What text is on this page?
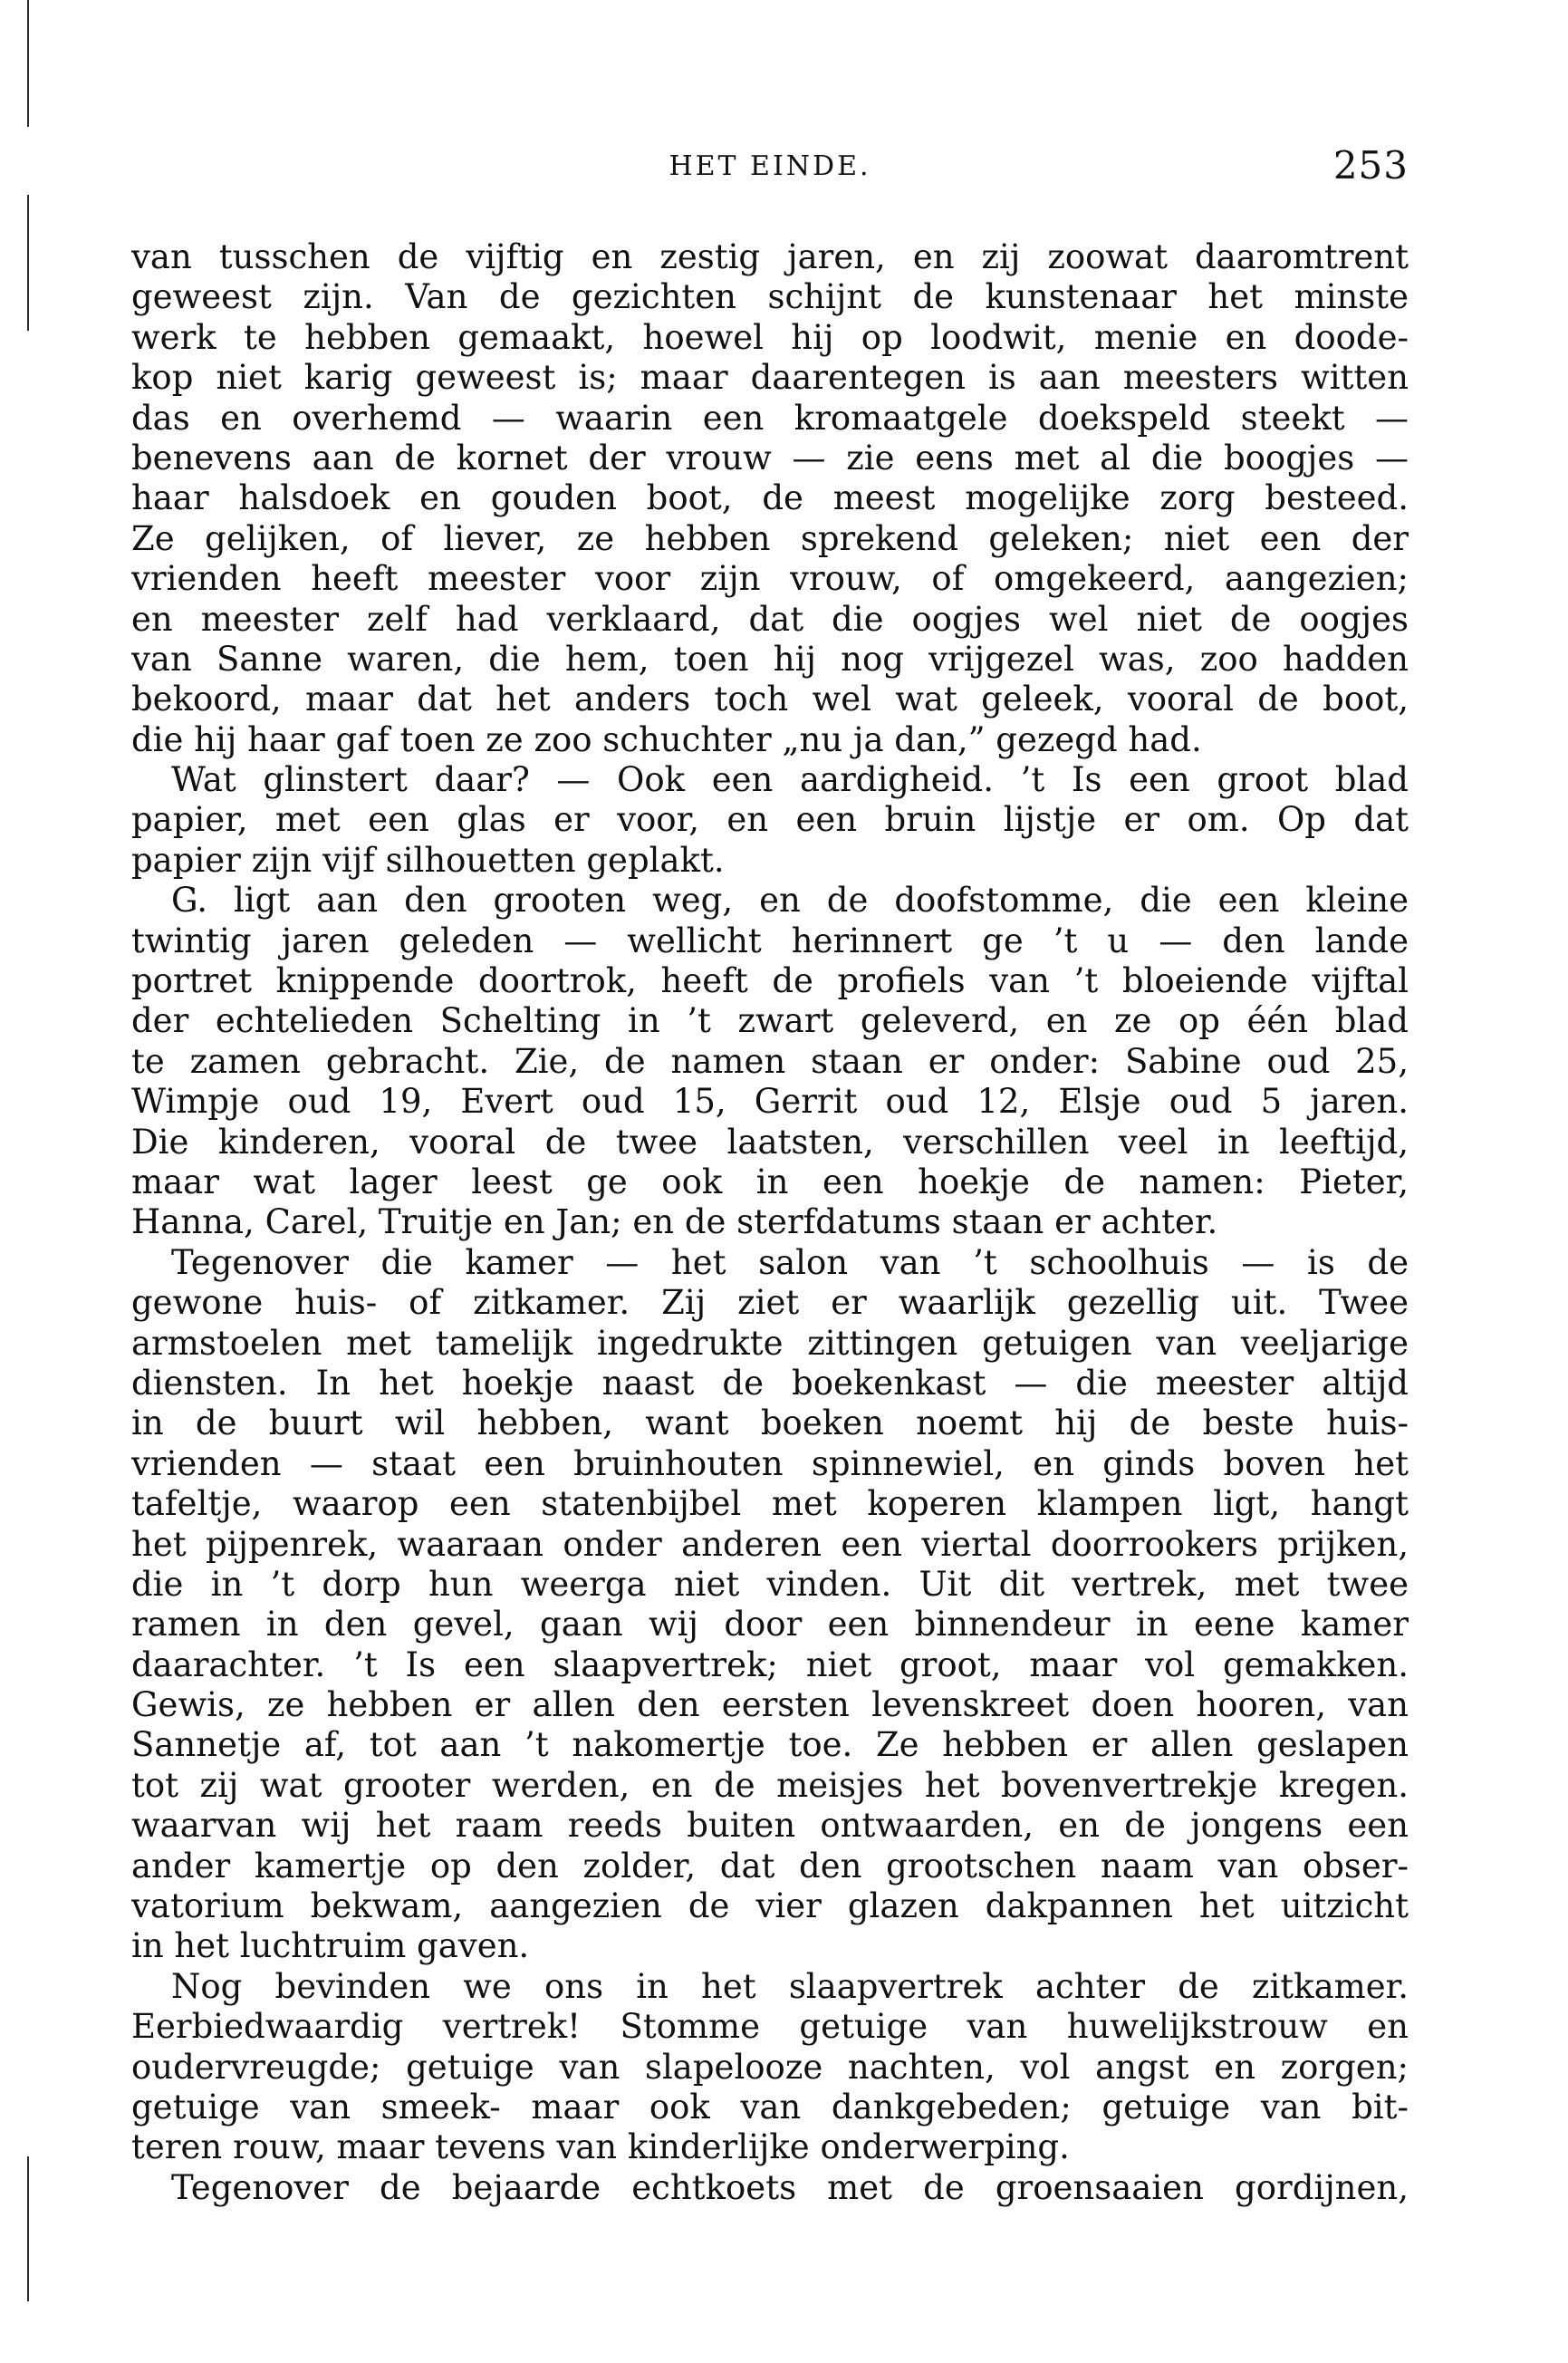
HET EINDE.	253
van tusschen de vijftig en zestig jaren, en zij zoowat daaromtrent
geweest zijn. Van de gezichten schijnt de kunstenaar het minste
werk te hebben gemaakt, hoewel hij op loodwit, menie en doode-
kop niet karig geweest is; maar daarentegen is aan meesters witten
das en overhemd — waarin een kromaatgele doekspeld steekt —
benevens aan de kornet der vrouw — zie eens met al die boogjes —
haar halsdoek en gouden boot, de meest mogelijke zorg besteed.
Ze gelijken, of liever, ze hebben sprekend geleken; niet een der
vrienden heeft meester voor zijn vrouw, of omgekeerd, aangezien;
en meester zelf had verklaard, dat die oogjes wel niet de oogjes
van Sanne waren, die hem, toen hij nog vrijgezel was, zoo hadden
bekoord, maar dat het anders toch wel wat geleek, vooral de boot,
die hij haar gaf toen ze zoo schuchter „nu ja dan,” gezegd had.
Wat glinstert daar? — Ook een aardigheid. ’t Is een groot blad
papier, met een glas er voor, en een bruin lijstje er om. Op dat
papier zijn vijf silhouetten geplakt.
G. ligt aan den grooten weg, en de doofstomme, die een kleine
twintig jaren geleden — wellicht herinnert ge ’t u — den lande
portret knippende doortrok, heeft de profiels van ’t bloeiende vijftal
der echtelieden Schelting in ’t zwart geleverd, en ze op één blad
te zamen gebracht. Zie, de namen staan er onder: Sabine oud 25,
Wimpje oud 19, Evert oud 15, Gerrit oud 12, Elsje oud 5 jaren.
Die kinderen, vooral de twee laatsten, verschillen veel in leeftijd,
maar wat lager leest ge ook in een hoekje de namen: Pieter,
Hanna, Carel, Truitje en Jan; en de sterfdatums staan er achter.
Tegenover die kamer — het salon van ’t schoolhuis — is de
gewone huis- of zitkamer. Zij ziet er waarlijk gezellig uit. Twee
armstoelen met tamelijk ingedrukte zittingen getuigen van veeljarige
diensten. In het hoekje naast de boekenkast — die meester altijd
in de buurt wil hebben, want boeken noemt hij de beste huis-
vrienden — staat een bruinhouten spinnewiel, en ginds boven het
tafeltje, waarop een statenbijbel met koperen klampen ligt, hangt
het pijpenrek, waaraan onder anderen een viertal doorrookers prijken,
die in ’t dorp hun weerga niet vinden. Uit dit vertrek, met twee
ramen in den gevel, gaan wij door een binnendeur in eene kamer
daarachter. ’t Is een slaapvertrek; niet groot, maar vol gemakken.
Gewis, ze hebben er allen den eersten levenskreet doen hooren, van
Sannetje af, tot aan ’t nakomertje toe. Ze hebben er allen geslapen
tot zij wat grooter werden, en de meisjes het bovenvertrekje kregen.
waarvan wij het raam reeds buiten ontwaarden, en de jongens een
ander kamertje op den zolder, dat den grootschen naam van obser-
vatorium bekwam, aangezien de vier glazen dakpannen het uitzicht
in het luchtruim gaven.
Nog bevinden we ons in het slaapvertrek achter de zitkamer.
Eerbiedwaardig vertrek! Stomme getuige van huwelijkstrouw en
oudervreugde; getuige van slapelooze nachten, vol angst en zorgen;
getuige van smeek- maar ook van dankgebeden; getuige van bit-
teren rouw, maar tevens van kinderlijke onderwerping.
Tegenover de bejaarde echtkoets met de groensaaien gordijnen,
